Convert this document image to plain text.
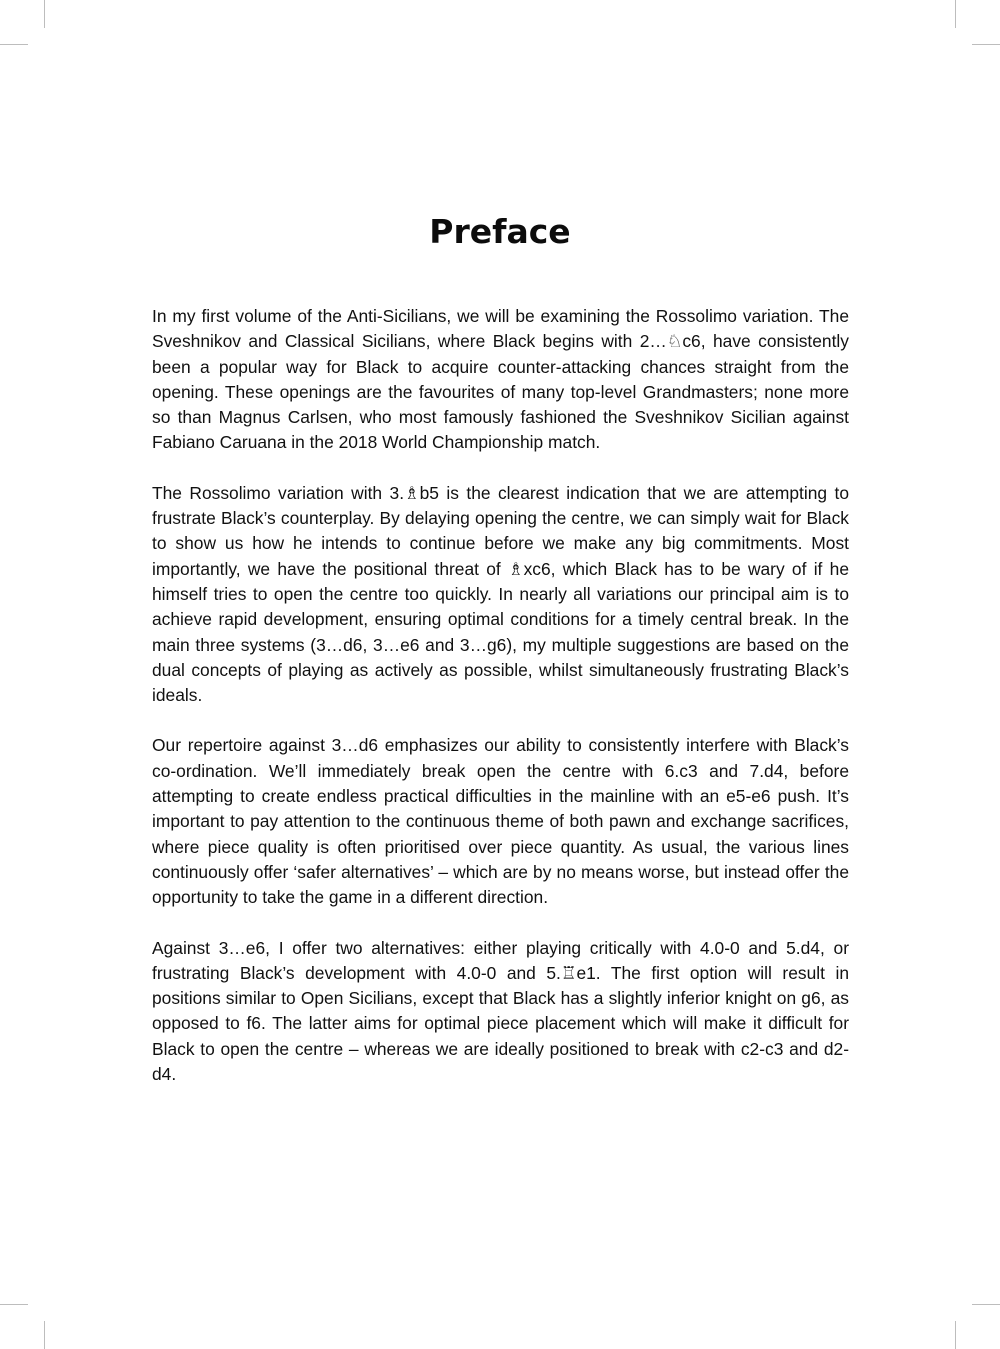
Preface

In my first volume of the Anti-Sicilians, we will be examining the Rossolimo variation. The Sveshnikov and Classical Sicilians, where Black begins with 2…♘c6, have consistently been a popular way for Black to acquire counter-attacking chances straight from the opening. These openings are the favourites of many top-level Grandmasters; none more so than Magnus Carlsen, who most famously fashioned the Sveshnikov Sicilian against Fabiano Caruana in the 2018 World Championship match.

The Rossolimo variation with 3.♗b5 is the clearest indication that we are attempting to frustrate Black’s counterplay. By delaying opening the centre, we can simply wait for Black to show us how he intends to continue before we make any big commitments. Most importantly, we have the positional threat of ♗xc6, which Black has to be wary of if he himself tries to open the centre too quickly. In nearly all variations our principal aim is to achieve rapid development, ensuring optimal conditions for a timely central break. In the main three systems (3…d6, 3…e6 and 3…g6), my multiple suggestions are based on the dual concepts of playing as actively as possible, whilst simultaneously frustrating Black’s ideals.

Our repertoire against 3…d6 emphasizes our ability to consistently interfere with Black’s co-ordination. We’ll immediately break open the centre with 6.c3 and 7.d4, before attempting to create endless practical difficulties in the mainline with an e5-e6 push. It’s important to pay attention to the continuous theme of both pawn and exchange sacrifices, where piece quality is often prioritised over piece quantity. As usual, the various lines continuously offer ‘safer alternatives’ – which are by no means worse, but instead offer the opportunity to take the game in a different direction.

Against 3…e6, I offer two alternatives: either playing critically with 4.0-0 and 5.d4, or frustrating Black’s development with 4.0-0 and 5.♖e1. The first option will result in positions similar to Open Sicilians, except that Black has a slightly inferior knight on g6, as opposed to f6. The latter aims for optimal piece placement which will make it difficult for Black to open the centre – whereas we are ideally positioned to break with c2-c3 and d2-d4.
